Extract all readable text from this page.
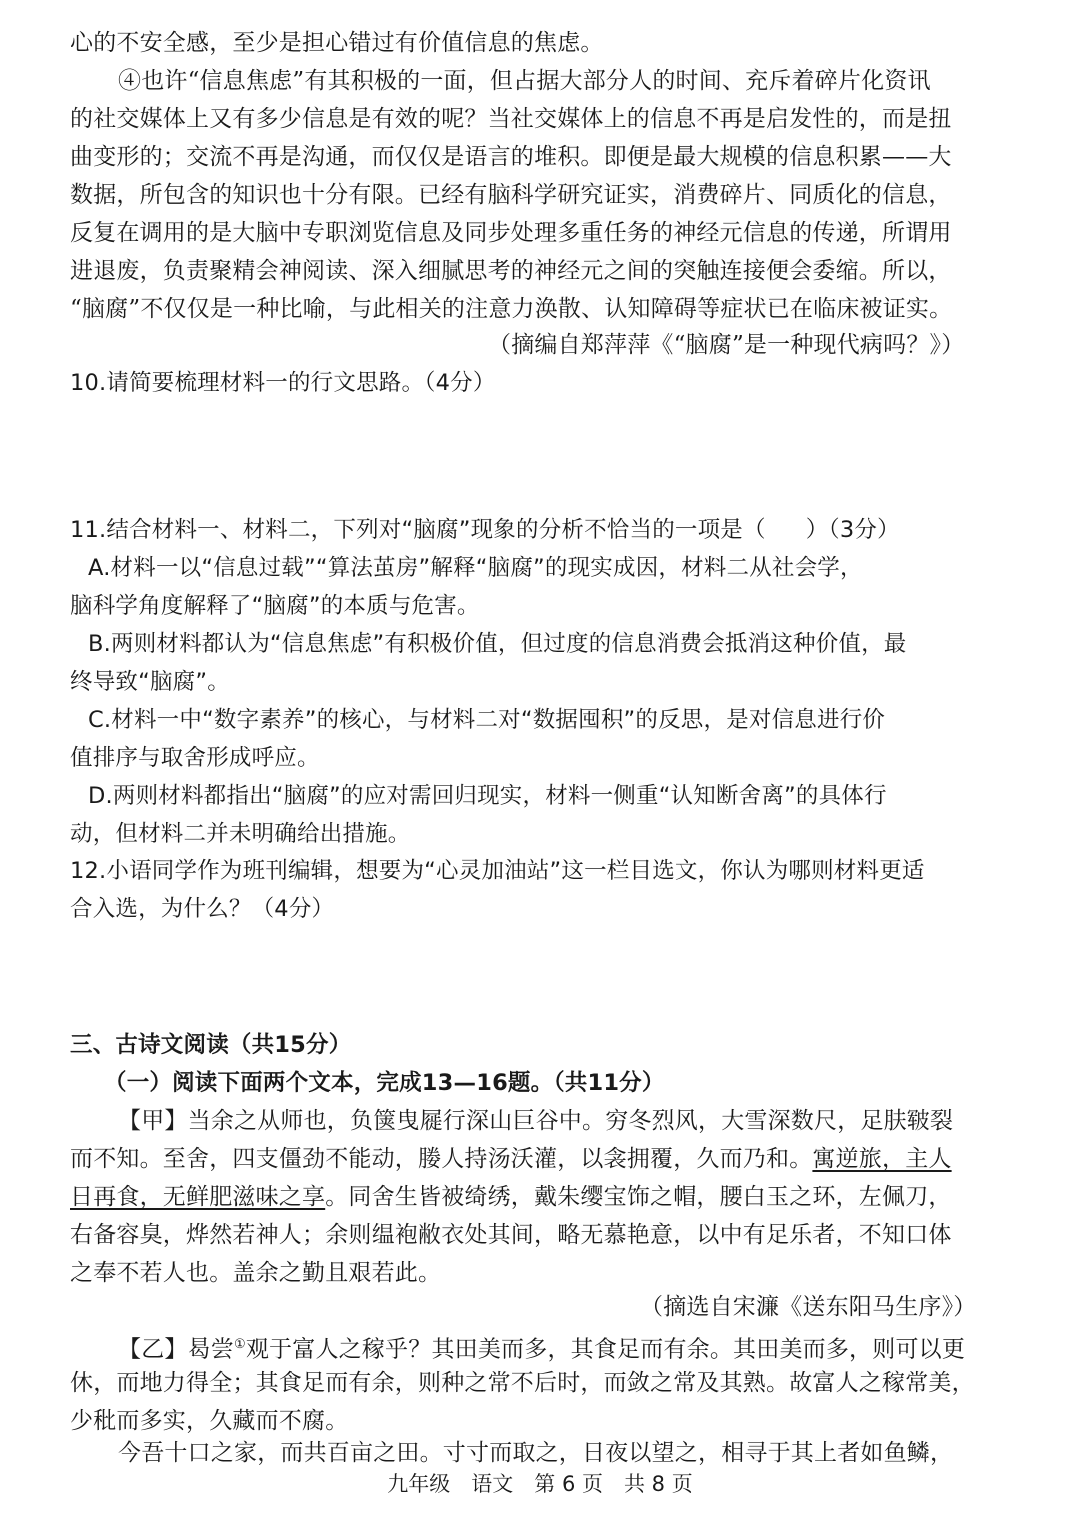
心的不安全感，至少是担心错过有价值信息的焦虑。
④也许“信息焦虑”有其积极的一面，但占据大部分人的时间、充斥着碎片化资讯
的社交媒体上又有多少信息是有效的呢？当社交媒体上的信息不再是启发性的，而是扭
曲变形的；交流不再是沟通，而仅仅是语言的堆积。即便是最大规模的信息积累——大
数据，所包含的知识也十分有限。已经有脑科学研究证实，消费碎片、同质化的信息，
反复在调用的是大脑中专职浏览信息及同步处理多重任务的神经元信息的传递，所谓用
进退废，负责聚精会神阅读、深入细腻思考的神经元之间的突触连接便会委缩。所以，
“脑腐”不仅仅是一种比喻，与此相关的注意力涣散、认知障碍等症状已在临床被证实。
（摘编自郑萍萍《“脑腐”是一种现代病吗？》）
10.请简要梳理材料一的行文思路。（4分）
11.结合材料一、材料二，下列对“脑腐”现象的分析不恰当的一项是（ ）（3分）
A.材料一以“信息过载”“算法茧房”解释“脑腐”的现实成因，材料二从社会学，
脑科学角度解释了“脑腐”的本质与危害。
B.两则材料都认为“信息焦虑”有积极价值，但过度的信息消费会抵消这种价值，最
终导致“脑腐”。
C.材料一中“数字素养”的核心，与材料二对“数据囤积”的反思，是对信息进行价
值排序与取舍形成呼应。
D.两则材料都指出“脑腐”的应对需回归现实，材料一侧重“认知断舍离”的具体行
动，但材料二并未明确给出措施。
12.小语同学作为班刊编辑，想要为“心灵加油站”这一栏目选文，你认为哪则材料更适
合入选，为什么？（4分）
三、古诗文阅读（共15分）
（一）阅读下面两个文本，完成13—16题。（共11分）
【甲】当余之从师也，负箧曳屣行深山巨谷中。穷冬烈风，大雪深数尺，足肤皲裂
而不知。至舍，四支僵劲不能动，媵人持汤沃灌，以衾拥覆，久而乃和。寓逆旅，主人
日再食，无鲜肥滋味之享。同舍生皆被绮绣，戴朱缨宝饰之帽，腰白玉之环，左佩刀，
右备容臭，烨然若神人；余则缊袍敝衣处其间，略无慕艳意，以中有足乐者，不知口体
之奉不若人也。盖余之勤且艰若此。
（摘选自宋濂《送东阳马生序》）
【乙】曷尝①观于富人之稼乎？其田美而多，其食足而有余。其田美而多，则可以更
休，而地力得全；其食足而有余，则种之常不后时，而敛之常及其熟。故富人之稼常美，
少秕而多实，久藏而不腐。
今吾十口之家，而共百亩之田。寸寸而取之，日夜以望之，相寻于其上者如鱼鳞，
九年级　语文　第 6 页　共 8 页
